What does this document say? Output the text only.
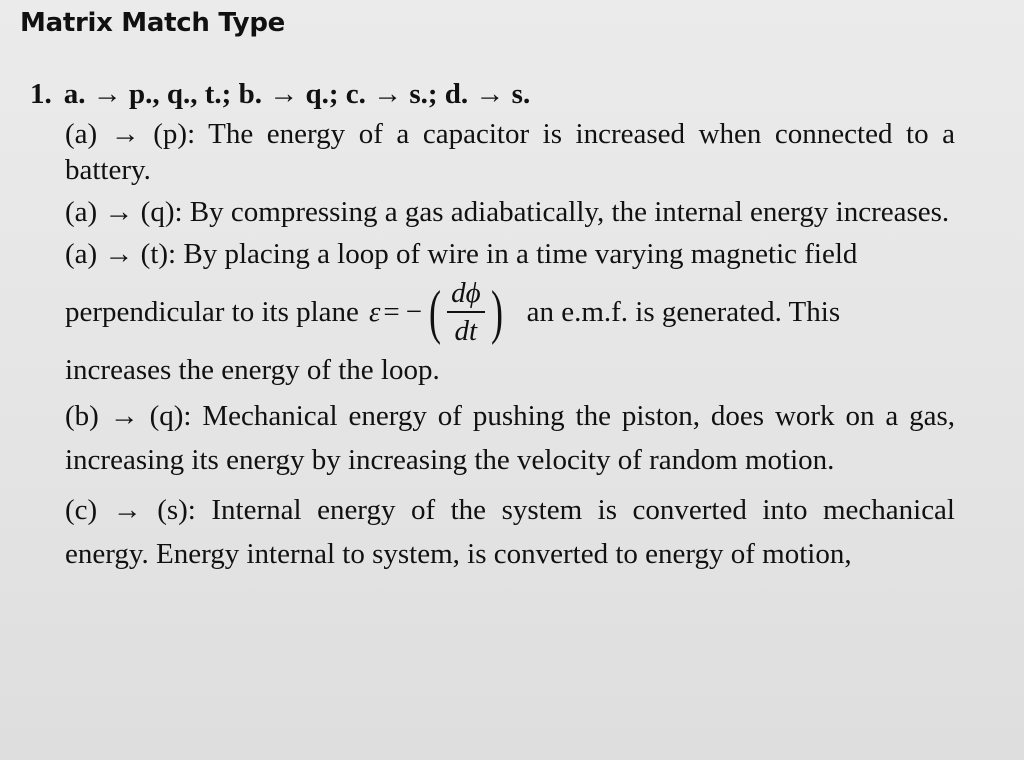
Matrix Match Type
1. a. → p., q., t.; b. → q.; c. → s.; d. → s.

(a) → (p): The energy of a capacitor is increased when connected to a battery.

(a) → (q): By compressing a gas adiabatically, the internal energy increases.

(a) → (t): By placing a loop of wire in a time varying magnetic field

perpendicular to its plane ε = − ( $\frac{d\phi}{dt}$ ) an e.m.f. is generated. This

increases the energy of the loop.

(b) → (q): Mechanical energy of pushing the piston, does work on a gas, increasing its energy by increasing the velocity of random motion.

(c) → (s): Internal energy of the system is converted into mechanical energy. Energy internal to system, is converted to energy of motion,
